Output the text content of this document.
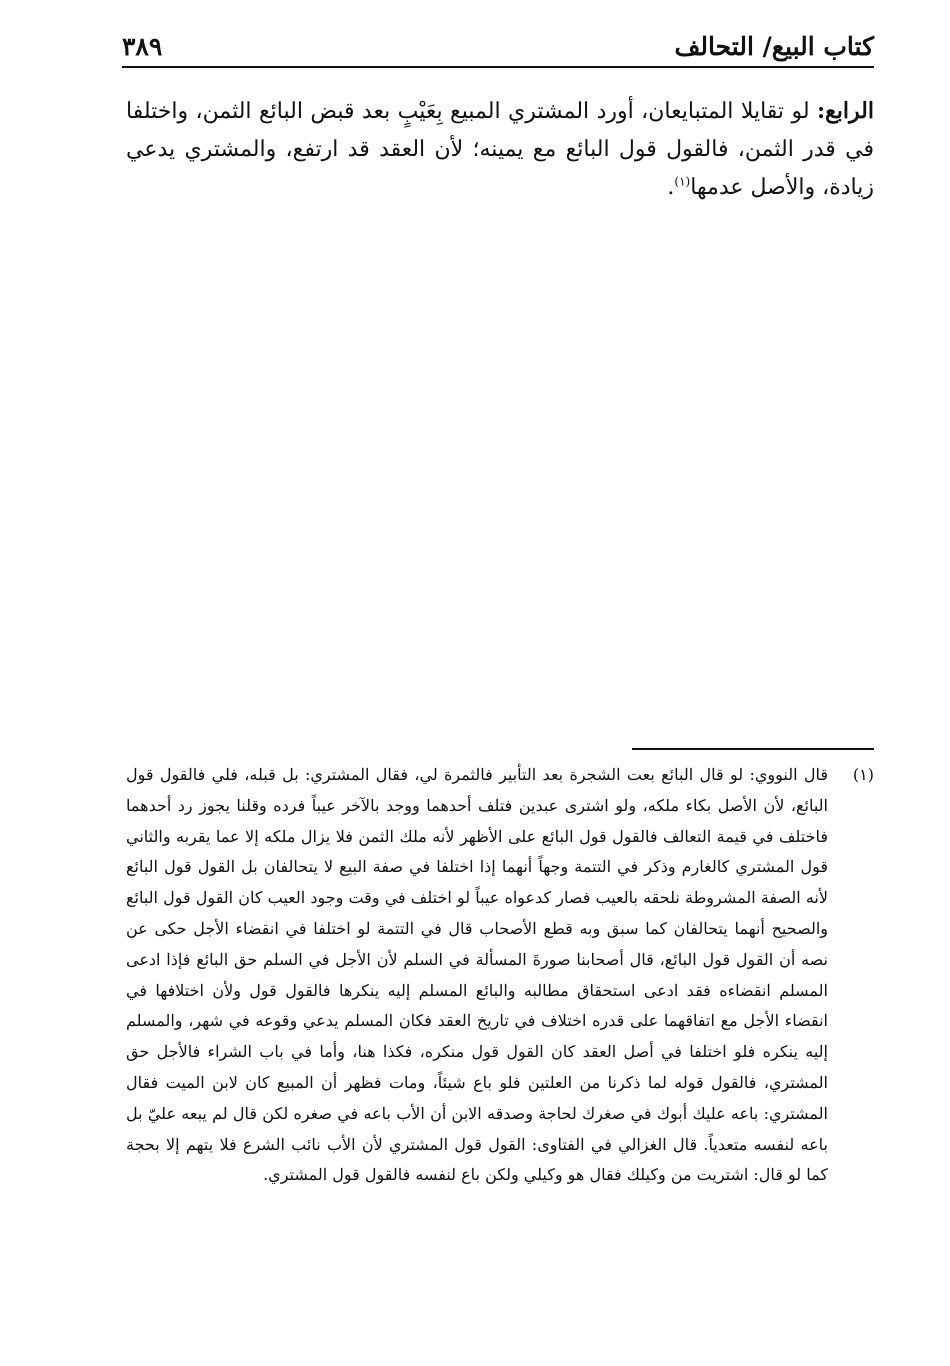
كتاب البيع/ التحالف
٣٨٩
الرابع: لو تقايلا المتبايعان، أورد المشتري المبيع بِعَيْبٍ بعد قبض البائع الثمن، واختلفا في قدر الثمن، فالقول قول البائع مع يمينه؛ لأن العقد قد ارتفع، والمشتري يدعي زيادة، والأصل عدمها$^{(١)}$.
(١)
قال النووي: لو قال البائع بعت الشجرة بعد التأبير فالثمرة لي، فقال المشتري: بل قبله، فلي فالقول قول البائع، لأن الأصل بكاء ملكه، ولو اشترى عبدين فتلف أحدهما ووجد بالآخر عيباً فرده وقلنا يجوز رد أحدهما فاختلف في قيمة التعالف فالقول قول البائع على الأظهر لأنه ملك الثمن فلا يزال ملكه إلا عما يقربه والثاني قول المشتري كالغارم وذكر في التتمة وجهاً أنهما إذا اختلفا في صفة البيع لا يتحالفان بل القول قول البائع لأنه الصفة المشروطة نلحقه بالعيب فصار كدعواه عيباً لو اختلف في وقت وجود العيب كان القول قول البائع والصحيح أنهما يتحالفان كما سبق وبه قطع الأصحاب قال في التتمة لو اختلفا في انقضاء الأجل حكى عن نصه أن القول قول البائع، قال أصحابنا صورةَ المسألة في السلم لأن الأجل في السلم حق البائع فإذا ادعى المسلم انقضاءه فقد ادعى استحقاق مطالبه والبائع المسلم إليه ينكرها فالقول قول ولأن اختلافها في انقضاء الأجل مع اتفاقهما على قدره اختلاف في تاريخ العقد فكان المسلم يدعي وقوعه في شهر، والمسلم إليه ينكره فلو اختلفا في أصل العقد كان القول قول منكره، فكذا هنا، وأما في باب الشراء فالأجل حق المشتري، فالقول قوله لما ذكرنا من العلتين فلو باع شيئاً، ومات فظهر أن المبيع كان لابن الميت فقال المشتري: باعه عليك أبوك في صغرك لحاجة وصدقه الابن أن الأب باعه في صغره لكن قال لم يبعه عليّ بل باعه لنفسه متعدياً. قال الغزالي في الفتاوى: القول قول المشتري لأن الأب نائب الشرع فلا يتهم إلا بحجة كما لو قال: اشتريت من وكيلك فقال هو وكيلي ولكن باع لنفسه فالقول قول المشتري.
